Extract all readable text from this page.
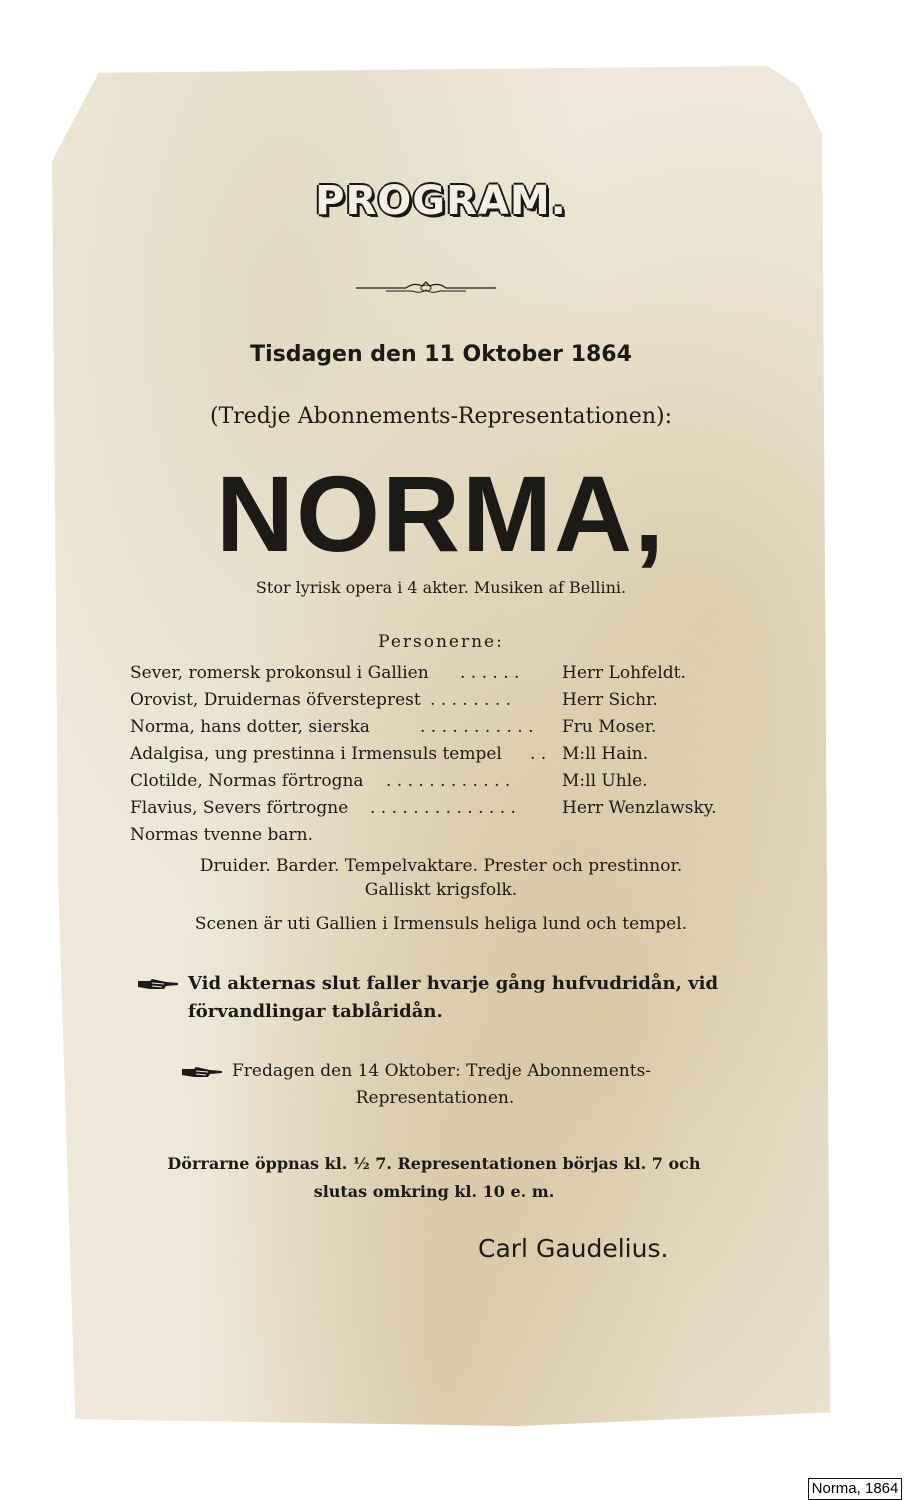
PROGRAM.
Tisdagen den 11 Oktober 1864
(Tredje Abonnements-Representationen):
NORMA,
Stor lyrisk opera i 4 akter. Musiken af Bellini.
Personerne:
Sever, romersk prokonsul i Gallien . . . . . .	Herr Lohfeldt.
Orovist, Druidernas öfversteprest . . . . . . . .	Herr Sichr.
Norma, hans dotter, sierska	. . . . . . . . . . . Fru Moser.
Adalgisa, ung prestinna i Irmensuls tempel . . M:ll Hain.
Clotilde, Normas förtrogna . . . . . . . . . . . .	M:ll Uhle.
Flavius, Severs förtrogne . . . . . . . . . . . . . .	Herr Wenzlawsky.
Normas tvenne barn.
Druider. Barder. Tempelvaktare. Prester och prestinnor.
Galliskt krigsfolk.
Scenen är uti Gallien i Irmensuls heliga lund och tempel.
Vid akternas slut faller hvarje gång hufvudridån, vid
förvandlingar tablåridån.
Fredagen den 14 Oktober: Tredje Abonnements-
Representationen.
Dörrarne öppnas kl. ½ 7. Representationen börjas kl. 7 och
slutas omkring kl. 10 e. m.
Carl Gaudelius.
Norma, 1864
